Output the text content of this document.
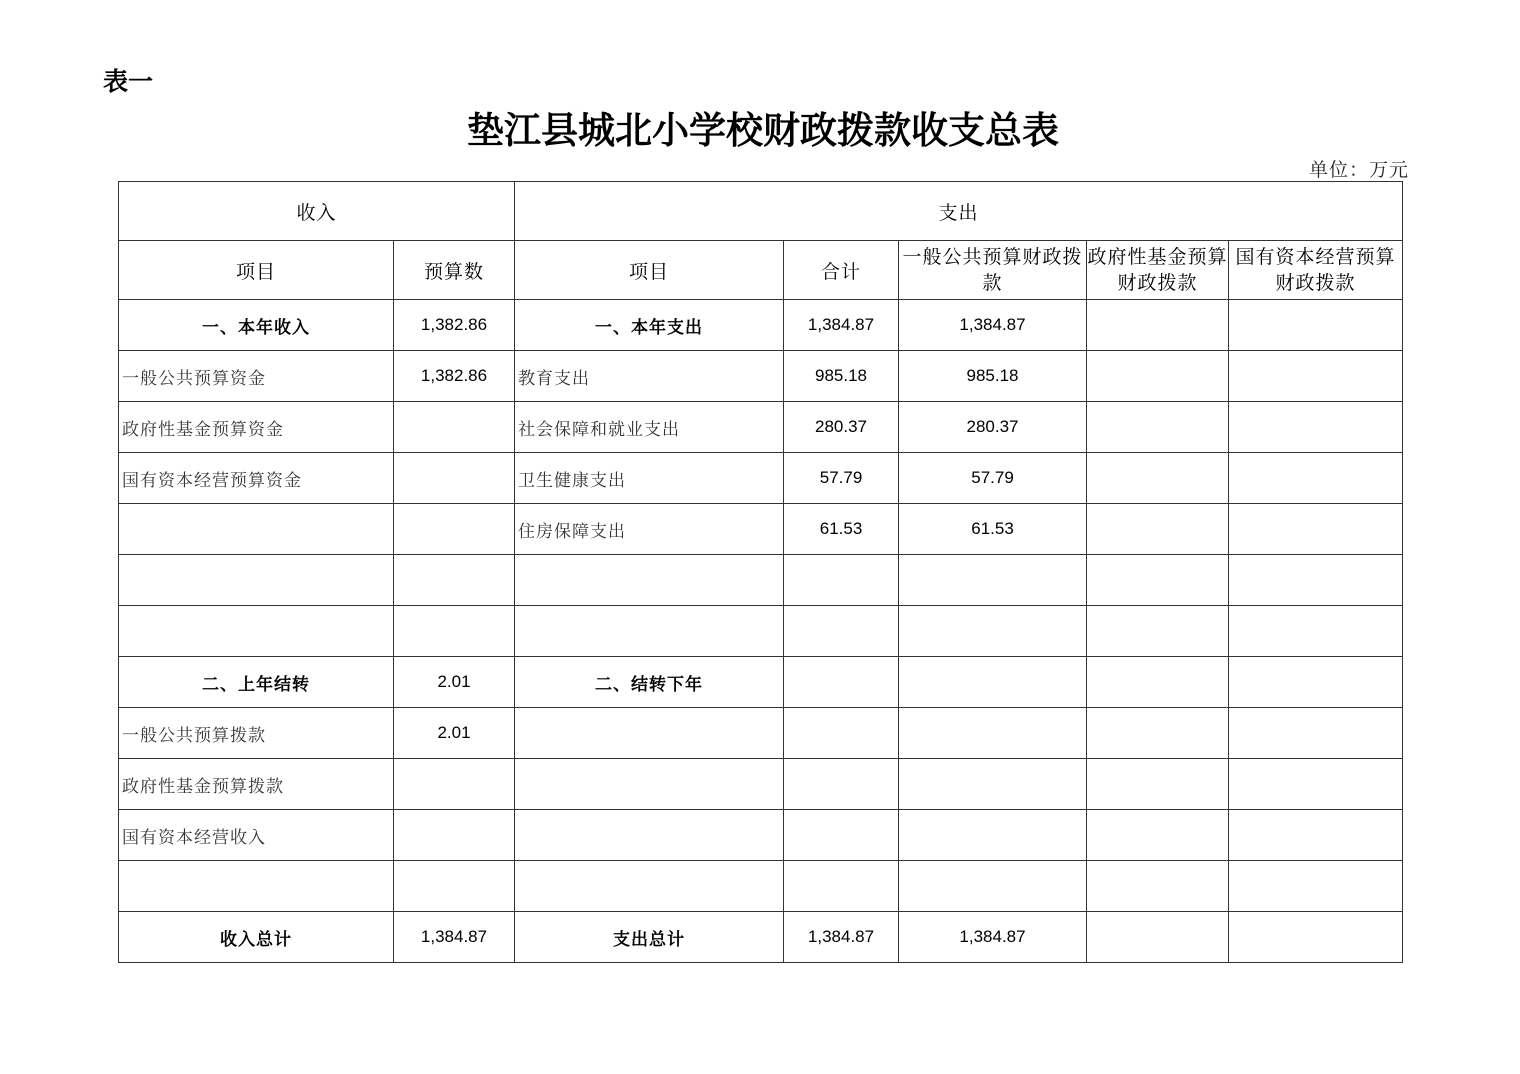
表一
垫江县城北小学校财政拨款收支总表
单位：万元
收入		支出				
项目	预算数	项目	合计	一般公共预算财政拨款	政府性基金预算财政拨款	国有资本经营预算财政拨款
一、本年收入	1,382.86	一、本年支出	1,384.87	1,384.87		
一般公共预算资金	1,382.86	教育支出	985.18	985.18		
政府性基金预算资金		社会保障和就业支出	280.37	280.37		
国有资本经营预算资金		卫生健康支出	57.79	57.79		
		住房保障支出	61.53	61.53		

二、上年结转	2.01	二、结转下年				
一般公共预算拨款	2.01					
政府性基金预算拨款						
国有资本经营收入						

收入总计	1,384.87	支出总计	1,384.87	1,384.87		
